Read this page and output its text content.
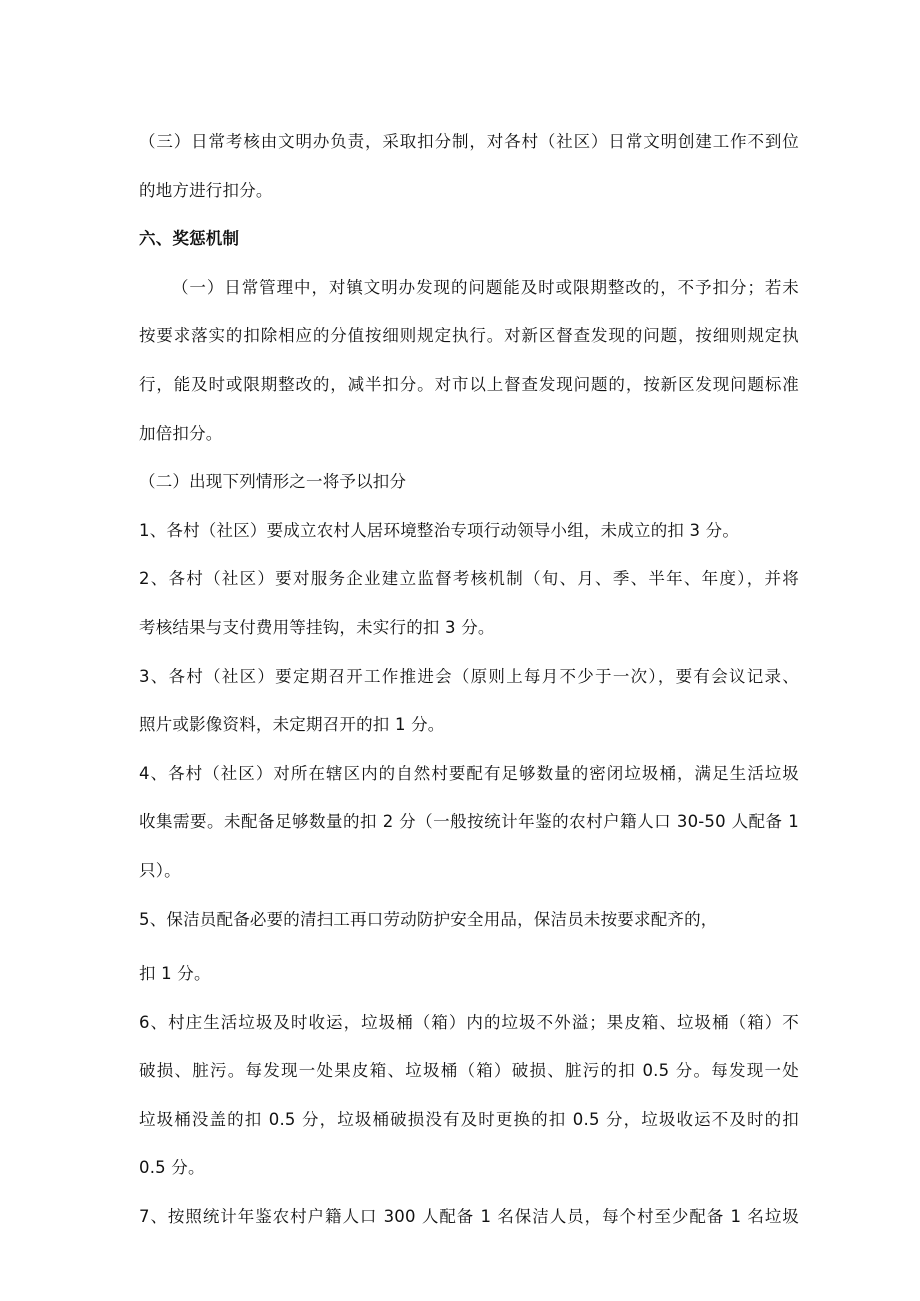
（三）日常考核由文明办负责，采取扣分制，对各村（社区）日常文明创建工作不到位
的地方进行扣分。
六、奖惩机制
（一）日常管理中，对镇文明办发现的问题能及时或限期整改的，不予扣分；若未
按要求落实的扣除相应的分值按细则规定执行。对新区督查发现的问题，按细则规定执
行，能及时或限期整改的，减半扣分。对市以上督查发现问题的，按新区发现问题标准
加倍扣分。
（二）出现下列情形之一将予以扣分
1、各村（社区）要成立农村人居环境整治专项行动领导小组，未成立的扣 3 分。
2、各村（社区）要对服务企业建立监督考核机制（旬、月、季、半年、年度），并将
考核结果与支付费用等挂钩，未实行的扣 3 分。
3、各村（社区）要定期召开工作推进会（原则上每月不少于一次），要有会议记录、
照片或影像资料，未定期召开的扣 1 分。
4、各村（社区）对所在辖区内的自然村要配有足够数量的密闭垃圾桶，满足生活垃圾
收集需要。未配备足够数量的扣 2 分（一般按统计年鉴的农村户籍人口 30-50 人配备 1
只）。
5、保洁员配备必要的清扫工再口劳动防护安全用品，保洁员未按要求配齐的，
扣 1 分。
6、村庄生活垃圾及时收运，垃圾桶（箱）内的垃圾不外溢；果皮箱、垃圾桶（箱）不
破损、脏污。每发现一处果皮箱、垃圾桶（箱）破损、脏污的扣 0.5 分。每发现一处
垃圾桶没盖的扣 0.5 分，垃圾桶破损没有及时更换的扣 0.5 分，垃圾收运不及时的扣
0.5 分。
7、按照统计年鉴农村户籍人口 300 人配备 1 名保洁人员，每个村至少配备 1 名垃圾
